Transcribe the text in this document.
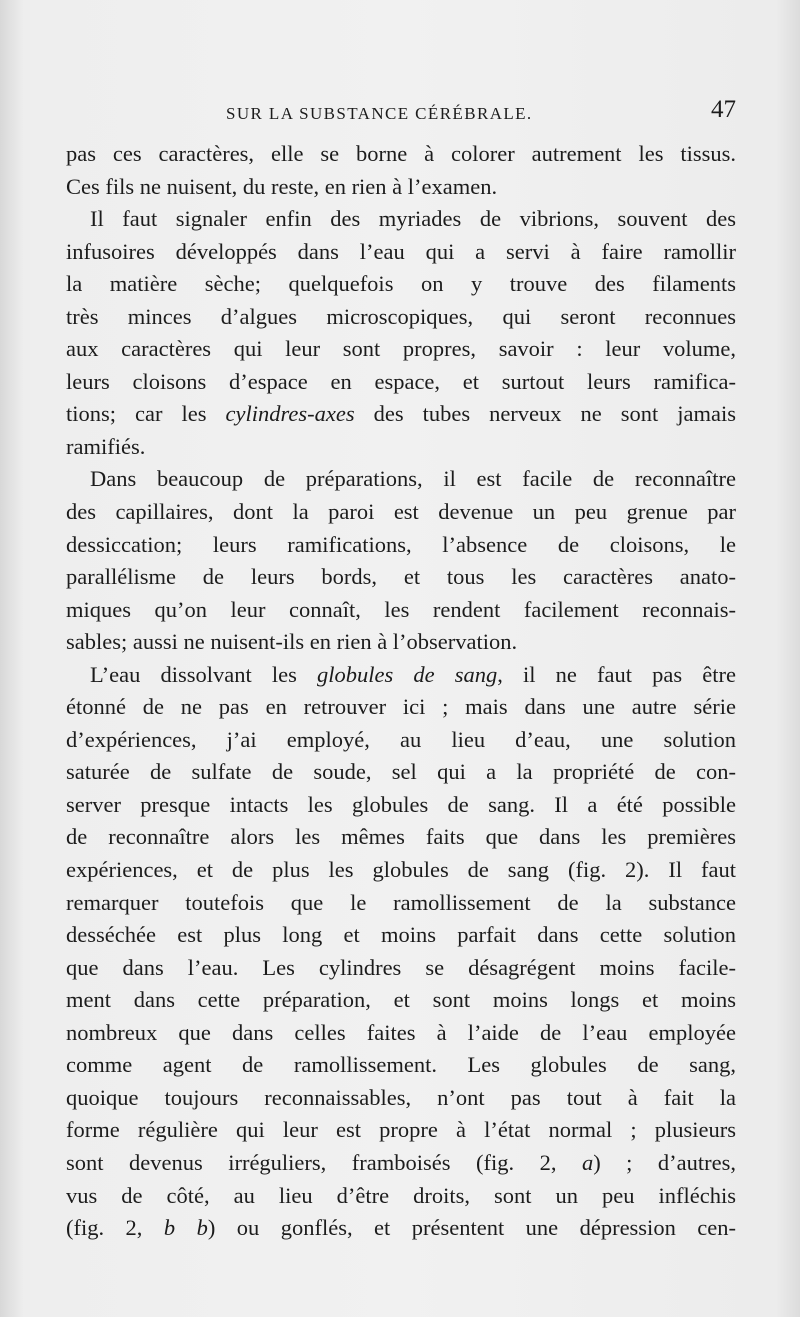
SUR LA SUBSTANCE CÉRÉBRALE.	47
pas ces caractères, elle se borne à colorer autrement les tissus.
Ces fils ne nuisent, du reste, en rien à l’examen.
Il faut signaler enfin des myriades de vibrions, souvent des
infusoires développés dans l’eau qui a servi à faire ramollir
la matière sèche; quelquefois on y trouve des filaments
très minces d’algues microscopiques, qui seront reconnues
aux caractères qui leur sont propres, savoir : leur volume,
leurs cloisons d’espace en espace, et surtout leurs ramifica-
tions; car les cylindres-axes des tubes nerveux ne sont jamais
ramifiés.
Dans beaucoup de préparations, il est facile de reconnaître
des capillaires, dont la paroi est devenue un peu grenue par
dessiccation; leurs ramifications, l’absence de cloisons, le
parallélisme de leurs bords, et tous les caractères anato-
miques qu’on leur connaît, les rendent facilement reconnais-
sables; aussi ne nuisent-ils en rien à l’observation.
L’eau dissolvant les globules de sang, il ne faut pas être
étonné de ne pas en retrouver ici ; mais dans une autre série
d’expériences, j’ai employé, au lieu d’eau, une solution
saturée de sulfate de soude, sel qui a la propriété de con-
server presque intacts les globules de sang. Il a été possible
de reconnaître alors les mêmes faits que dans les premières
expériences, et de plus les globules de sang (fig. 2). Il faut
remarquer toutefois que le ramollissement de la substance
desséchée est plus long et moins parfait dans cette solution
que dans l’eau. Les cylindres se désagrégent moins facile-
ment dans cette préparation, et sont moins longs et moins
nombreux que dans celles faites à l’aide de l’eau employée
comme agent de ramollissement. Les globules de sang,
quoique toujours reconnaissables, n’ont pas tout à fait la
forme régulière qui leur est propre à l’état normal ; plusieurs
sont devenus irréguliers, framboisés (fig. 2, a) ; d’autres,
vus de côté, au lieu d’être droits, sont un peu infléchis
(fig. 2, b b) ou gonflés, et présentent une dépression cen-
